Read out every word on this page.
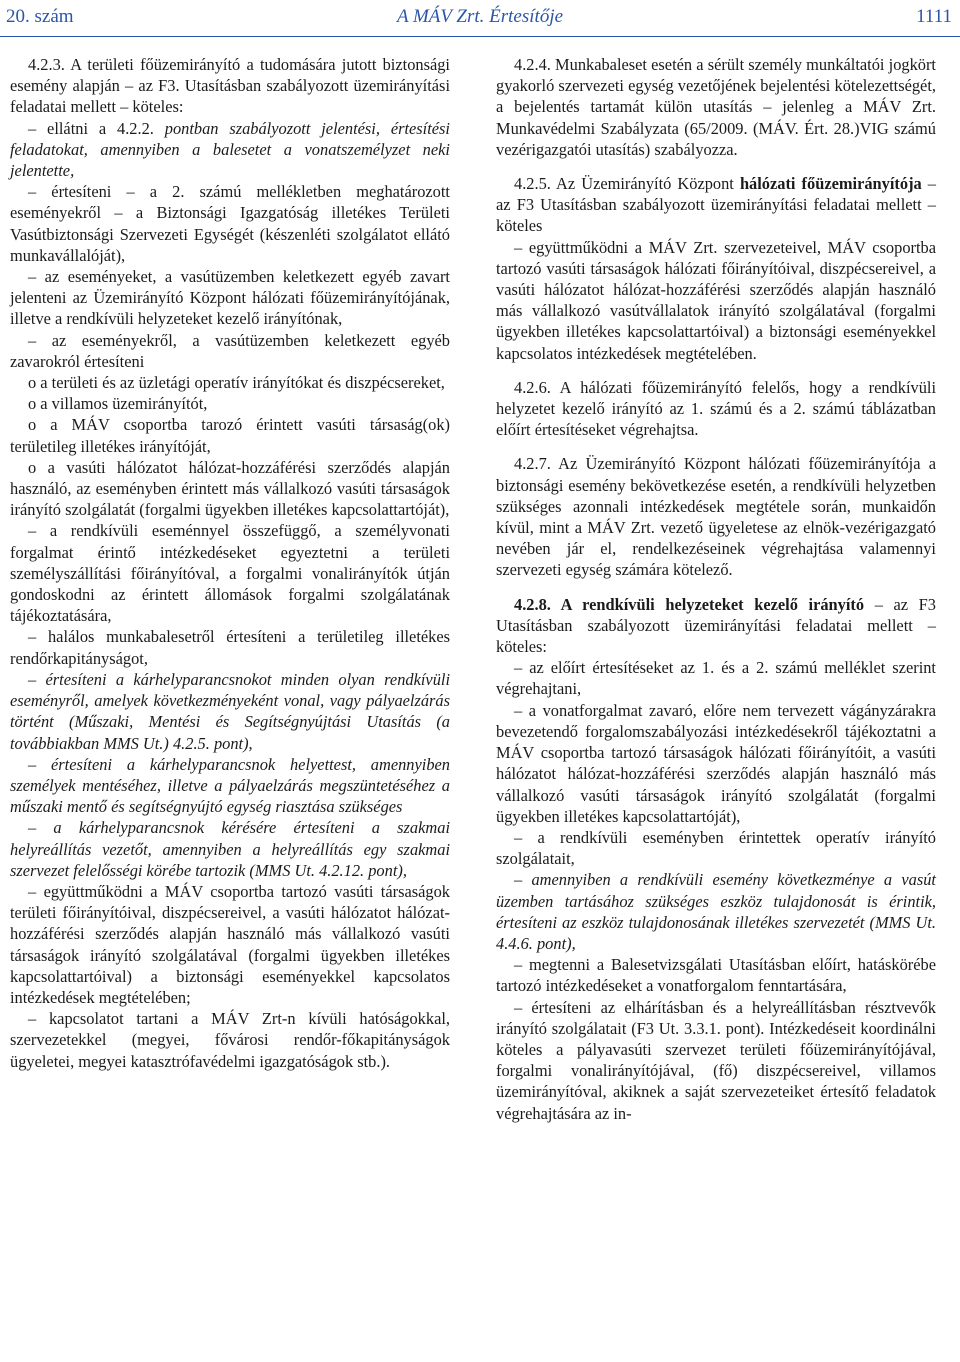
20. szám	A MÁV Zrt. Értesítője	1111

4.2.3. A területi főüzemirányító a tudomására jutott biztonsági esemény alapján – az F3. Utasításban szabályozott üzemirányítási feladatai mellett – köteles:

– ellátni a 4.2.2. pontban szabályozott jelentési, értesítési feladatokat, amennyiben a balesetet a vonatszemélyzet neki jelentette,

– értesíteni – a 2. számú mellékletben meghatározott eseményekről – a Biztonsági Igazgatóság illetékes Területi Vasútbiztonsági Szervezeti Egységét (készenléti szolgálatot ellátó munkavállalóját),

– az eseményeket, a vasútüzemben keletkezett egyéb zavart jelenteni az Üzemirányító Központ hálózati főüzemirányítójának, illetve a rendkívüli helyzeteket kezelő irányítónak,

– az eseményekről, a vasútüzemben keletkezett egyéb zavarokról értesíteni

o a területi és az üzletági operatív irányítókat és diszpécsereket,

o a villamos üzemirányítót,

o a MÁV csoportba tarozó érintett vasúti társaság(ok) területileg illetékes irányítóját,

o a vasúti hálózatot hálózat-hozzáférési szerződés alapján használó, az eseményben érintett más vállalkozó vasúti társaságok irányító szolgálatát (forgalmi ügyekben illetékes kapcsolattartóját),

– a rendkívüli eseménnyel összefüggő, a személyvonati forgalmat érintő intézkedéseket egyeztetni a területi személyszállítási főirányítóval, a forgalmi vonalirányítók útján gondoskodni az érintett állomások forgalmi szolgálatának tájékoztatására,

– halálos munkabalesetről értesíteni a területileg illetékes rendőrkapitányságot,

– értesíteni a kárhelyparancsnokot minden olyan rendkívüli eseményről, amelyek következményeként vonal, vagy pályaelzárás történt (Műszaki, Mentési és Segítségnyújtási Utasítás (a továbbiakban MMS Ut.) 4.2.5. pont),

– értesíteni a kárhelyparancsnok helyettest, amennyiben személyek mentéséhez, illetve a pályaelzárás megszüntetéséhez a műszaki mentő és segítségnyújtó egység riasztása szükséges

– a kárhelyparancsnok kérésére értesíteni a szakmai helyreállítás vezetőt, amennyiben a helyreállítás egy szakmai szervezet felelősségi körébe tartozik (MMS Ut. 4.2.12. pont),

– együttműködni a MÁV csoportba tartozó vasúti társaságok területi főirányítóival, diszpécsereivel, a vasúti hálózatot hálózat-hozzáférési szerződés alapján használó más vállalkozó vasúti társaságok irányító szolgálatával (forgalmi ügyekben illetékes kapcsolattartóival) a biztonsági eseményekkel kapcsolatos intézkedések megtételében;

– kapcsolatot tartani a MÁV Zrt-n kívüli hatóságokkal, szervezetekkel (megyei, fővárosi rendőr-főkapitányságok ügyeletei, megyei katasztrófavédelmi igazgatóságok stb.).

4.2.4. Munkabaleset esetén a sérült személy munkáltatói jogkört gyakorló szervezeti egység vezetőjének bejelentési kötelezettségét, a bejelentés tartamát külön utasítás – jelenleg a MÁV Zrt. Munkavédelmi Szabályzata (65/2009. (MÁV. Ért. 28.)VIG számú vezérigazgatói utasítás) szabályozza.

4.2.5. Az Üzemirányító Központ hálózati főüzemirányítója – az F3 Utasításban szabályozott üzemirányítási feladatai mellett – köteles

– együttműködni a MÁV Zrt. szervezeteivel, MÁV csoportba tartozó vasúti társaságok hálózati főirányítóival, diszpécsereivel, a vasúti hálózatot hálózat-hozzáférési szerződés alapján használó más vállalkozó vasútvállalatok irányító szolgálatával (forgalmi ügyekben illetékes kapcsolattartóival) a biztonsági eseményekkel kapcsolatos intézkedések megtételében.

4.2.6. A hálózati főüzemirányító felelős, hogy a rendkívüli helyzetet kezelő irányító az 1. számú és a 2. számú táblázatban előírt értesítéseket végrehajtsa.

4.2.7. Az Üzemirányító Központ hálózati főüzemirányítója a biztonsági esemény bekövetkezése esetén, a rendkívüli helyzetben szükséges azonnali intézkedések megtétele során, munkaidőn kívül, mint a MÁV Zrt. vezető ügyeletese az elnök-vezérigazgató nevében jár el, rendelkezéseinek végrehajtása valamennyi szervezeti egység számára kötelező.

4.2.8. A rendkívüli helyzeteket kezelő irányító – az F3 Utasításban szabályozott üzemirányítási feladatai mellett – köteles:

– az előírt értesítéseket az 1. és a 2. számú melléklet szerint végrehajtani,

– a vonatforgalmat zavaró, előre nem tervezett vágányzárakra bevezetendő forgalomszabályozási intézkedésekről tájékoztatni a MÁV csoportba tartozó társaságok hálózati főirányítóit, a vasúti hálózatot hálózat-hozzáférési szerződés alapján használó más vállalkozó vasúti társaságok irányító szolgálatát (forgalmi ügyekben illetékes kapcsolattartóját),

– a rendkívüli eseményben érintettek operatív irányító szolgálatait,

– amennyiben a rendkívüli esemény következménye a vasút üzemben tartásához szükséges eszköz tulajdonosát is érintik, értesíteni az eszköz tulajdonosának illetékes szervezetét (MMS Ut. 4.4.6. pont),

– megtenni a Balesetvizsgálati Utasításban előírt, hatáskörébe tartozó intézkedéseket a vonatforgalom fenntartására,

– értesíteni az elhárításban és a helyreállításban résztvevők irányító szolgálatait (F3 Ut. 3.3.1. pont). Intézkedéseit koordinálni köteles a pályavasúti szervezet területi főüzemirányítójával, forgalmi vonalirányítójával, (fő) diszpécsereivel, villamos üzemirányítóval, akiknek a saját szervezeteiket értesítő feladatok végrehajtására az in-
